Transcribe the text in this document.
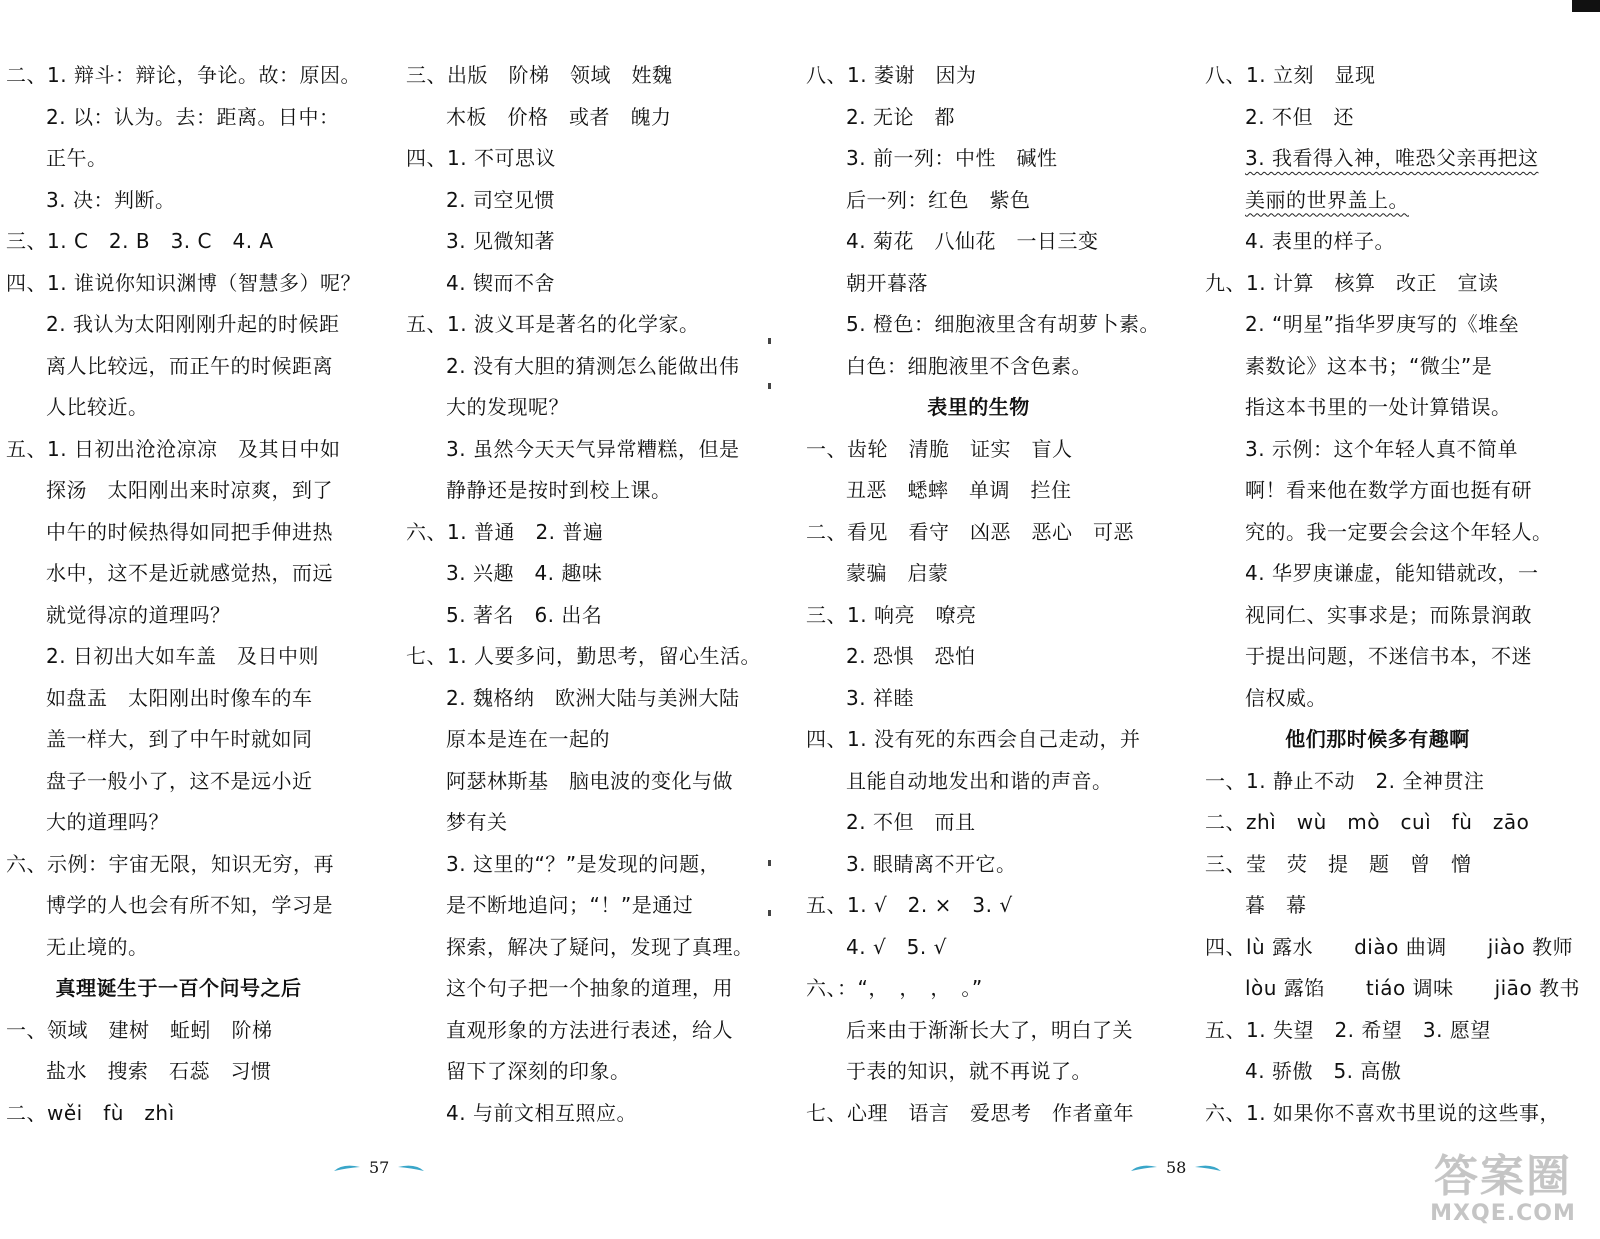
二、1. 辩斗：辩论，争论。故：原因。
2. 以：认为。去：距离。日中：
正午。
3. 决：判断。
三、1. C　2. B　3. C　4. A
四、1. 谁说你知识渊博（智慧多）呢？
2. 我认为太阳刚刚升起的时候距
离人比较远，而正午的时候距离
人比较近。
五、1. 日初出沧沧凉凉　及其日中如
探汤　太阳刚出来时凉爽，到了
中午的时候热得如同把手伸进热
水中，这不是近就感觉热，而远
就觉得凉的道理吗？
2. 日初出大如车盖　及日中则
如盘盂　太阳刚出时像车的车
盖一样大，到了中午时就如同
盘子一般小了，这不是远小近
大的道理吗？
六、示例：宇宙无限，知识无穷，再
博学的人也会有所不知，学习是
无止境的。
真理诞生于一百个问号之后
一、领域　建树　蚯蚓　阶梯
盐水　搜索　石蕊　习惯
二、wěi　fù　zhì
三、出版　阶梯　领域　姓魏
木板　价格　或者　魄力
四、1. 不可思议
2. 司空见惯
3. 见微知著
4. 锲而不舍
五、1. 波义耳是著名的化学家。
2. 没有大胆的猜测怎么能做出伟
大的发现呢？
3. 虽然今天天气异常糟糕，但是
静静还是按时到校上课。
六、1. 普通　2. 普遍
3. 兴趣　4. 趣味
5. 著名　6. 出名
七、1. 人要多问，勤思考，留心生活。
2. 魏格纳　欧洲大陆与美洲大陆
原本是连在一起的
阿瑟林斯基　脑电波的变化与做
梦有关
3. 这里的“？”是发现的问题，
是不断地追问；“！”是通过
探索，解决了疑问，发现了真理。
这个句子把一个抽象的道理，用
直观形象的方法进行表述，给人
留下了深刻的印象。
4. 与前文相互照应。
八、1. 萎谢　因为
2. 无论　都
3. 前一列：中性　碱性
后一列：红色　紫色
4. 菊花　八仙花　一日三变
朝开暮落
5. 橙色：细胞液里含有胡萝卜素。
白色：细胞液里不含色素。
表里的生物
一、齿轮　清脆　证实　盲人
丑恶　蟋蟀　单调　拦住
二、看见　看守　凶恶　恶心　可恶
蒙骗　启蒙
三、1. 响亮　嘹亮
2. 恐惧　恐怕
3. 祥睦
四、1. 没有死的东西会自己走动，并
且能自动地发出和谐的声音。
2. 不但　而且
3. 眼睛离不开它。
五、1. √　2. ×　3. √
4. √　5. √
六、：“，　，　，　。”
后来由于渐渐长大了，明白了关
于表的知识，就不再说了。
七、心理　语言　爱思考　作者童年
八、1. 立刻　显现
2. 不但　还
3. 我看得入神，唯恐父亲再把这
美丽的世界盖上。
4. 表里的样子。
九、1. 计算　核算　改正　宣读
2. “明星”指华罗庚写的《堆垒
素数论》这本书；“微尘”是
指这本书里的一处计算错误。
3. 示例：这个年轻人真不简单
啊！看来他在数学方面也挺有研
究的。我一定要会会这个年轻人。
4. 华罗庚谦虚，能知错就改，一
视同仁、实事求是；而陈景润敢
于提出问题，不迷信书本，不迷
信权威。
他们那时候多有趣啊
一、1. 静止不动　2. 全神贯注
二、zhì　wù　mò　cuì　fù　zāo
三、莹　荧　提　题　曾　憎
暮　幕
四、lù 露水　　diào 曲调　　jiào 教师
lòu 露馅　　tiáo 调味　　jiāo 教书
五、1. 失望　2. 希望　3. 愿望
4. 骄傲　5. 高傲
六、1. 如果你不喜欢书里说的这些事，
57	58	答案圈
MXQE.COM
